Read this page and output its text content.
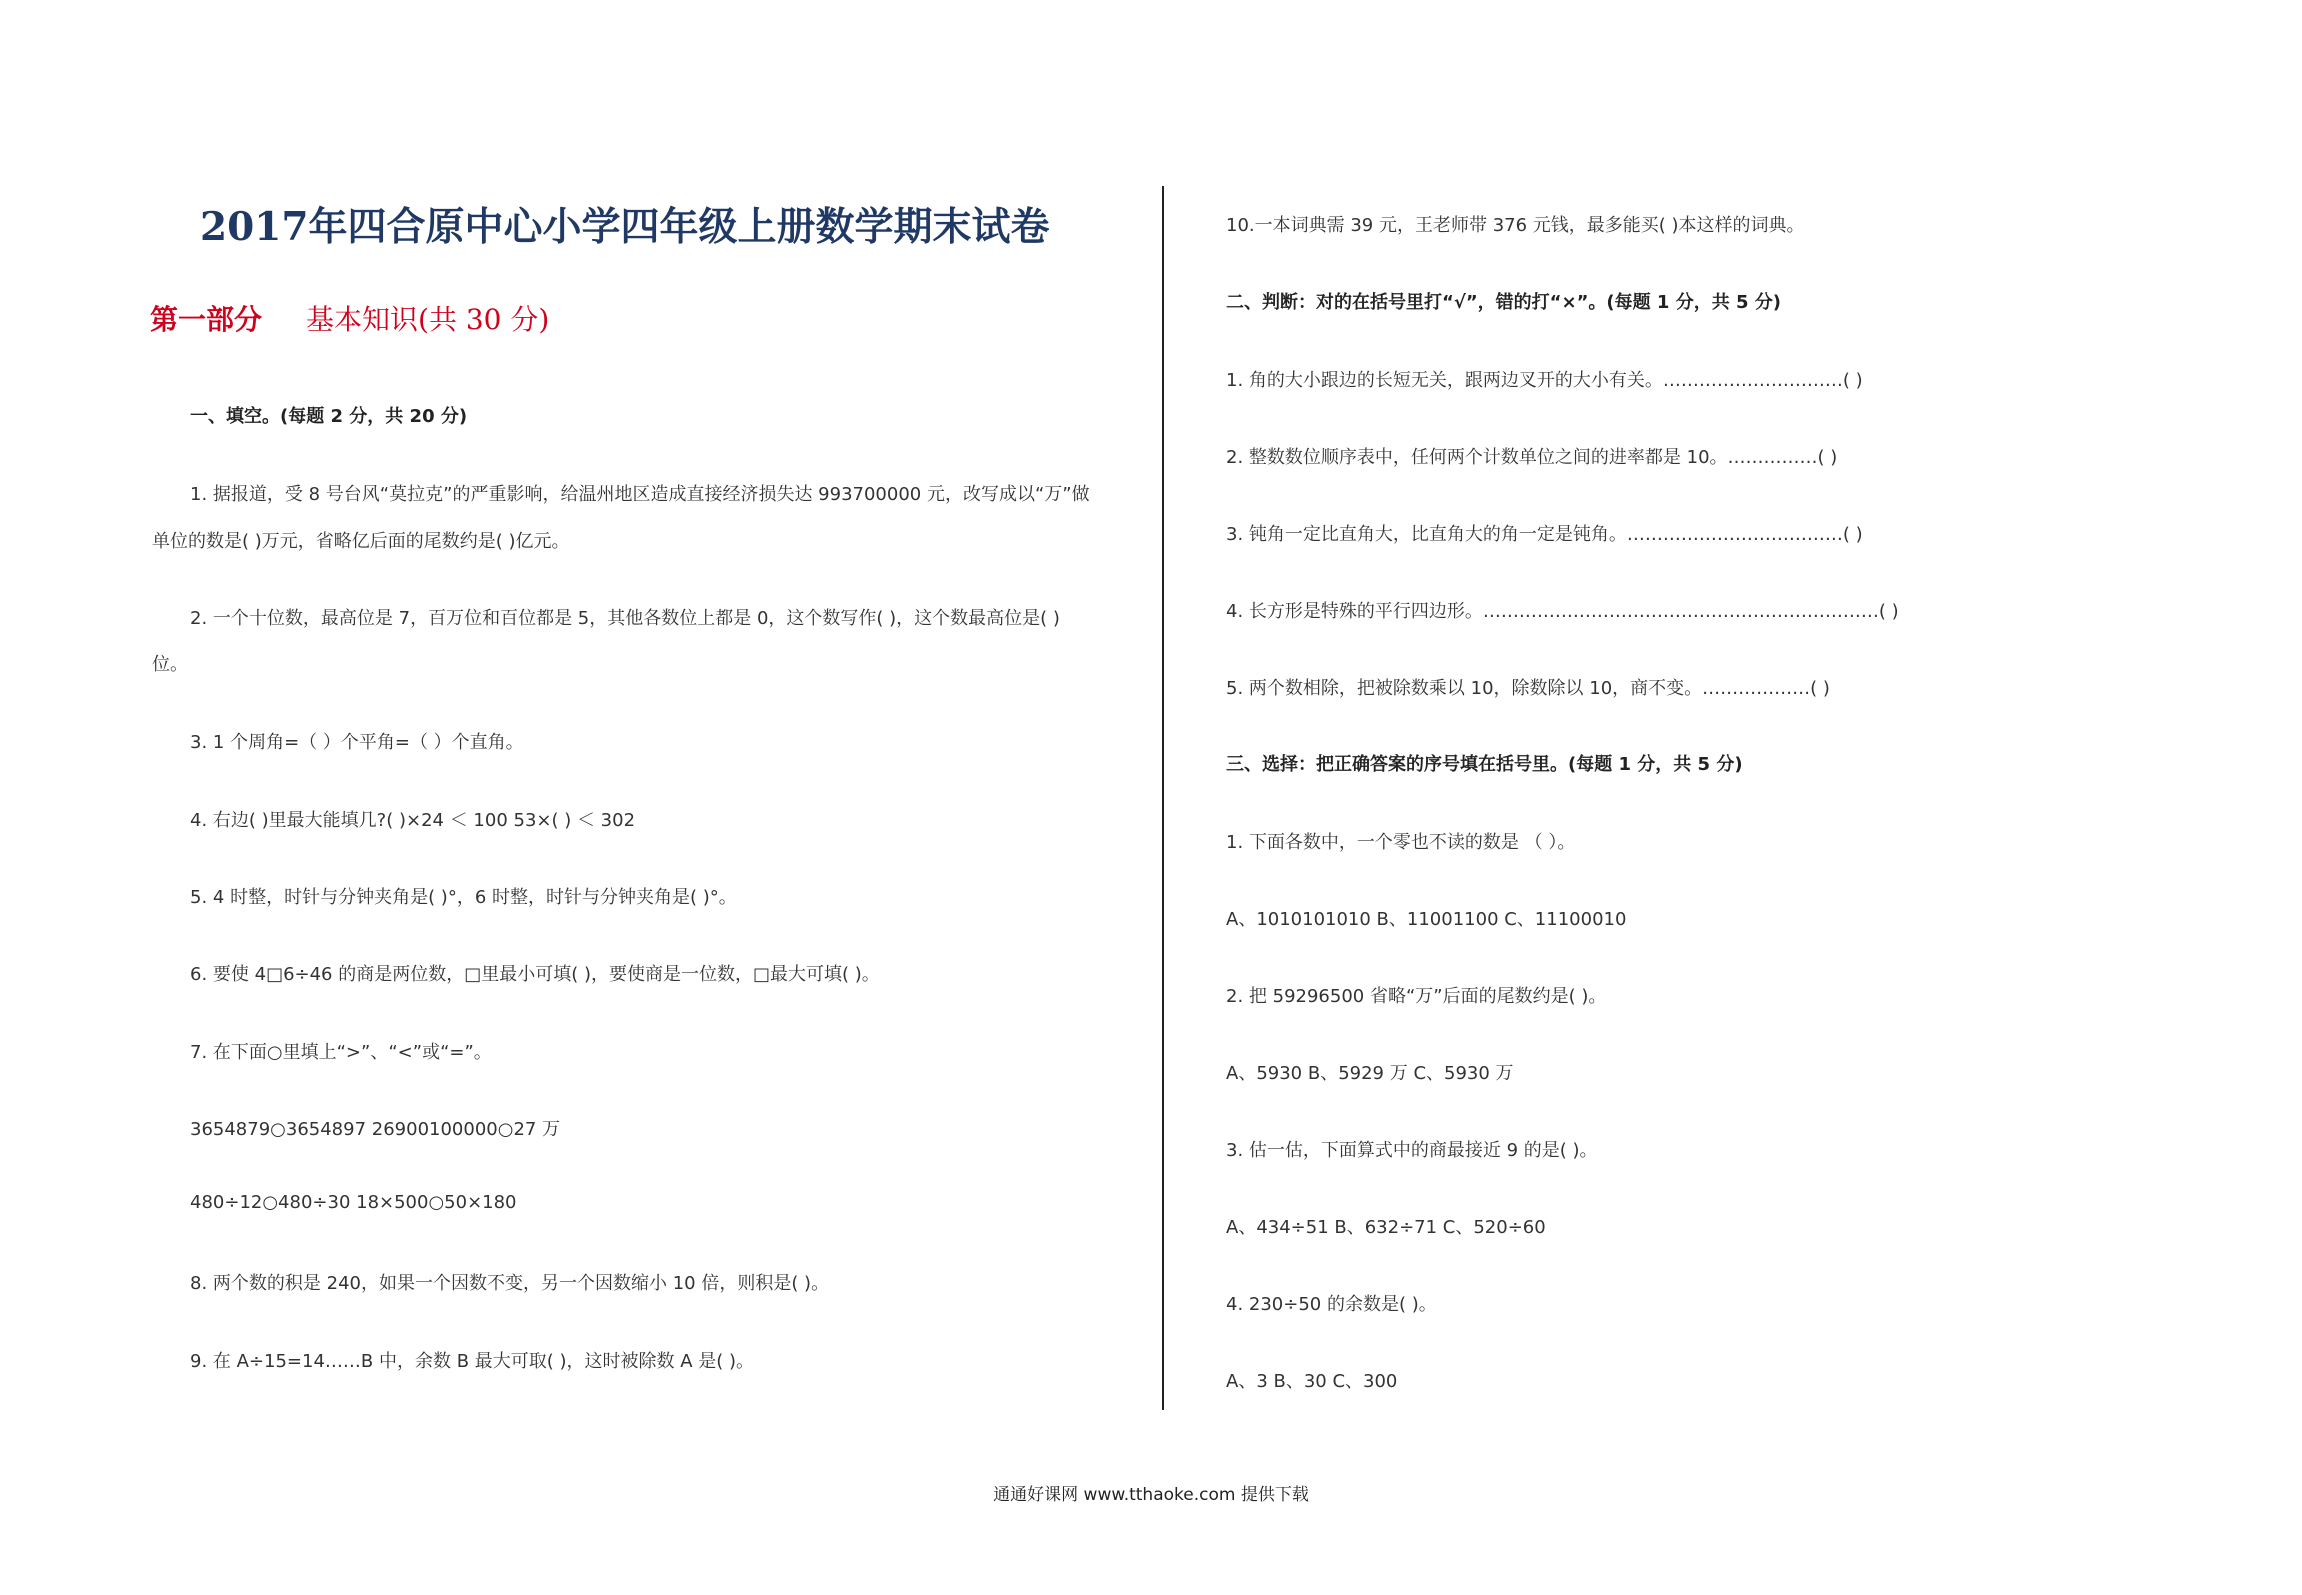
2017年四合原中心小学四年级上册数学期末试卷
第一部分 基本知识(共 30 分)
一、填空。(每题 2 分，共 20 分)
1. 据报道，受 8 号台风“莫拉克”的严重影响，给温州地区造成直接经济损失达 993700000 元，改写成以“万”做
单位的数是( )万元，省略亿后面的尾数约是( )亿元。
2. 一个十位数，最高位是 7，百万位和百位都是 5，其他各数位上都是 0，这个数写作( )，这个数最高位是( )
位。
3. 1 个周角=（ ）个平角=（ ）个直角。
4. 右边( )里最大能填几?( )×24 ＜ 100 53×( ) ＜ 302
5. 4 时整，时针与分钟夹角是( )°，6 时整，时针与分钟夹角是( )°。
6. 要使 4□6÷46 的商是两位数，□里最小可填( )，要使商是一位数，□最大可填( )。
7. 在下面○里填上“>”、“<”或“=”。
3654879○3654897 26900100000○27 万
480÷12○480÷30 18×500○50×180
8. 两个数的积是 240，如果一个因数不变，另一个因数缩小 10 倍，则积是( )。
9. 在 A÷15=14……B 中，余数 B 最大可取( )，这时被除数 A 是( )。
10.一本词典需 39 元，王老师带 376 元钱，最多能买( )本这样的词典。
二、判断：对的在括号里打“√”，错的打“×”。(每题 1 分，共 5 分)
1. 角的大小跟边的长短无关，跟两边叉开的大小有关。…………………………( )
2. 整数数位顺序表中，任何两个计数单位之间的进率都是 10。……………( )
3. 钝角一定比直角大，比直角大的角一定是钝角。………………………………( )
4. 长方形是特殊的平行四边形。…………………………………………………………( )
5. 两个数相除，把被除数乘以 10，除数除以 10，商不变。………………( )
三、选择：把正确答案的序号填在括号里。(每题 1 分，共 5 分)
1. 下面各数中，一个零也不读的数是 （ ）。
A、1010101010 B、11001100 C、11100010
2. 把 59296500 省略“万”后面的尾数约是( )。
A、5930 B、5929 万 C、5930 万
3. 估一估，下面算式中的商最接近 9 的是( )。
A、434÷51 B、632÷71 C、520÷60
4. 230÷50 的余数是( )。
A、3 B、30 C、300
通通好课网 www.tthaoke.com 提供下载
